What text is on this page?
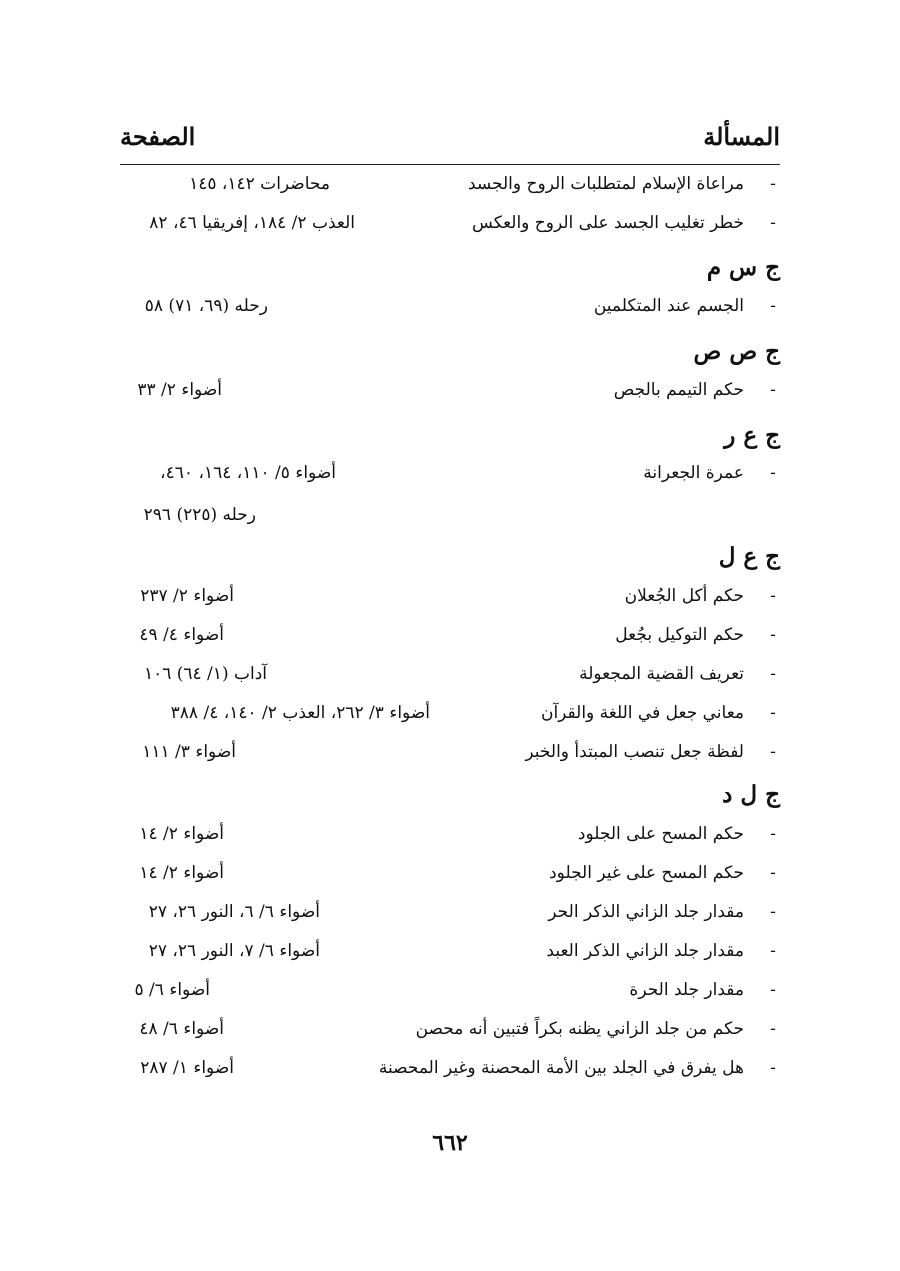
المسألة
الصفحة
-
مراعاة الإسلام لمتطلبات الروح والجسد
محاضرات ١٤٢، ١٤٥
-
خطر تغليب الجسد على الروح والعكس
العذب ٢/ ١٨٤، إفريقيا ٤٦، ٨٢
ج س م
-
الجسم عند المتكلمين
رحله (٦٩، ٧١) ٥٨
ج ص ص
-
حكم التيمم بالجص
أضواء ٢/ ٣٣
ج ع ر
-
عمرة الجعرانة
أضواء ٥/ ١١٠، ١٦٤، ٤٦٠،
رحله (٢٢٥) ٢٩٦
ج ع ل
-
حكم أكل الجُعلان
أضواء ٢/ ٢٣٧
-
حكم التوكيل بجُعل
أضواء ٤/ ٤٩
-
تعريف القضية المجعولة
آداب (١/ ٦٤) ١٠٦
-
معاني جعل في اللغة والقرآن
أضواء ٣/ ٢٦٢، العذب ٢/ ١٤٠، ٤/ ٣٨٨
-
لفظة جعل تنصب المبتدأ والخبر
أضواء ٣/ ١١١
ج ل د
-
حكم المسح على الجلود
أضواء ٢/ ١٤
-
حكم المسح على غير الجلود
أضواء ٢/ ١٤
-
مقدار جلد الزاني الذكر الحر
أضواء ٦/ ٦، النور ٢٦، ٢٧
-
مقدار جلد الزاني الذكر العبد
أضواء ٦/ ٧، النور ٢٦، ٢٧
-
مقدار جلد الحرة
أضواء ٦/ ٥
-
حكم من جلد الزاني يظنه بكراً فتبين أنه محصن
أضواء ٦/ ٤٨
-
هل يفرق في الجلد بين الأمة المحصنة وغير المحصنة
أضواء ١/ ٢٨٧
٦٦٢
